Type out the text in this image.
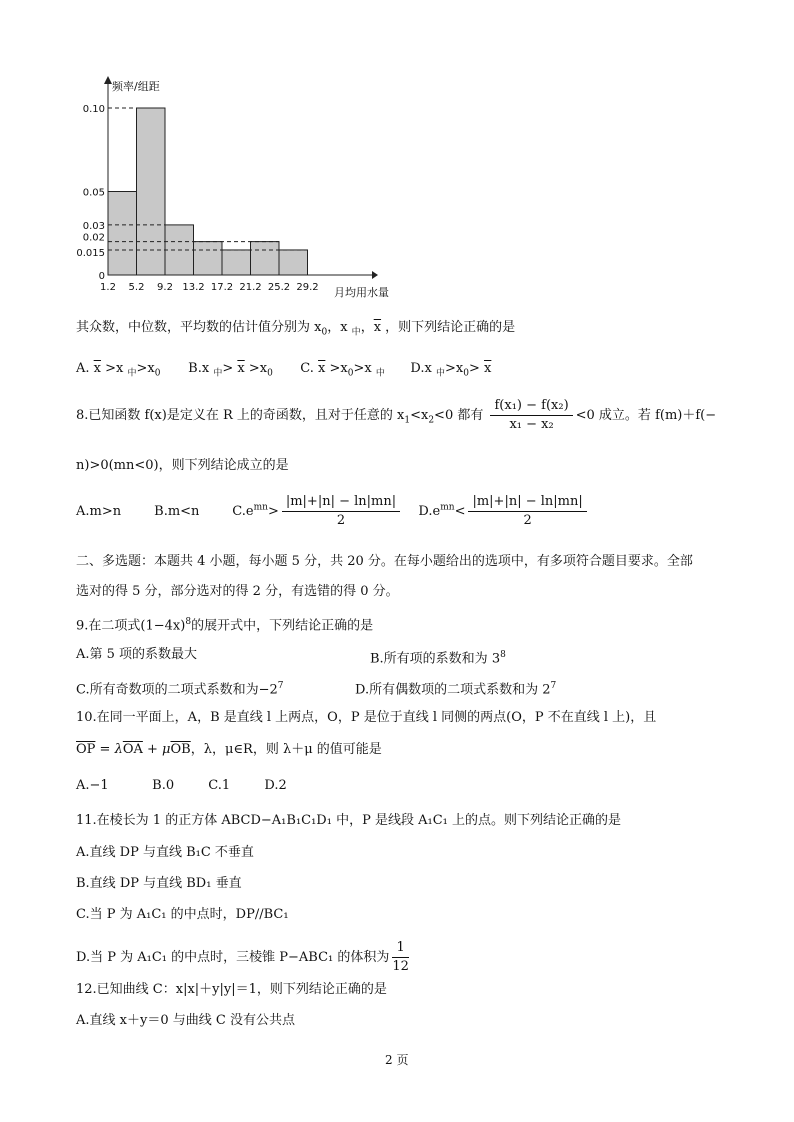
0
0.015
0.02
0.03
0.05
0.10
1.2 5.2 9.2 13.2 17.2 21.2 25.2 29.2
频率/组距
月均用水量
其众数，中位数，平均数的估计值分别为 $x_0$，x $_中$，$\overline{x}$ ，则下列结论正确的是
A. $\overline{x} >x$ $_中>x_0$ B.x $_中> \overline{x} >x_0$ C. $\overline{x} >x_0>x$ $_中$ D.x $_中>x_0> \overline{x}$
8.已知函数 f(x)是定义在 R 上的奇函数，且对于任意的 $x_1<x_2<0$ 都有 $\frac{\text{f(x₁) − f(x₂)}}{\text{x₁ − x₂}} <0$ 成立。若 f(m)＋f(−
n)>0(mn<0)，则下列结论成立的是
A.m>n	B.m<n	$C.e^{mn}> \frac{|m|+|n| - \ln|mn|}{2} D.e^{mn}< \frac{|m|+|n| - \ln|mn|}{2}$
二、多选题：本题共 4 小题，每小题 5 分，共 20 分。在每小题给出的选项中，有多项符合题目要求。全部
选对的得 5 分，部分选对的得 2 分，有选错的得 0 分。
9.在二项式$(1-4x)^8$的展开式中，下列结论正确的是
A.第 5 项的系数最大	B.所有项的系数和为 $3^8$
C.所有奇数项的二项式系数和为$-2^7$	D.所有偶数项的二项式系数和为 $2^7$
10.在同一平面上，A，B 是直线 l 上两点，O，P 是位于直线 l 同侧的两点(O，P 不在直线 l 上)，且
$\overline{OP} = \lambda\overline{OA} + \mu\overline{OB}$，λ，μ∈R，则 λ＋μ 的值可能是
A.−1	B.0	C.1	D.2
11.在棱长为 1 的正方体 ABCD−A₁B₁C₁D₁ 中，P 是线段 A₁C₁ 上的点。则下列结论正确的是
A.直线 DP 与直线 B₁C 不垂直
B.直线 DP 与直线 BD₁ 垂直
C.当 P 为 A₁C₁ 的中点时，DP//BC₁
D.当 P 为 A₁C₁ 的中点时，三棱锥 P−ABC₁ 的体积为 $\frac{1}{12}$
12.已知曲线 C：x|x|＋y|y|＝1，则下列结论正确的是
A.直线 x＋y＝0 与曲线 C 没有公共点
2 页
